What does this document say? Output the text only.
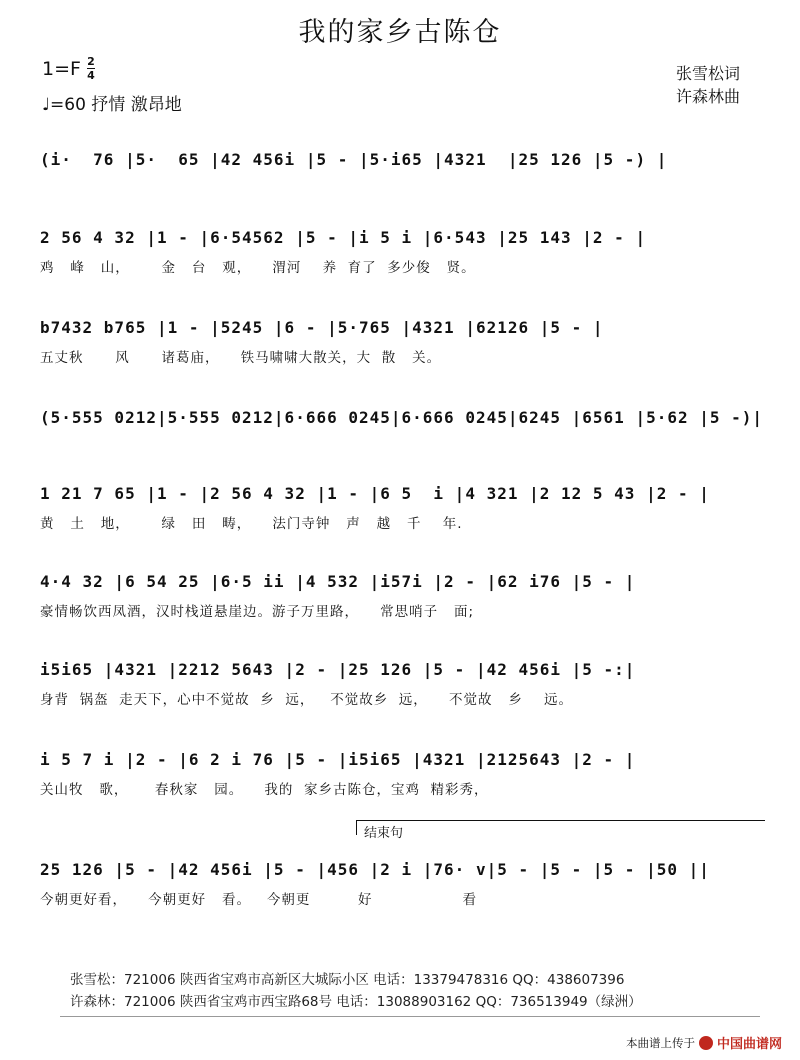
我的家乡古陈仓
$1=F \frac{2}{4}$
♩=60 抒情 激昂地
张雪松词
许森林曲
(i·  76 |5·  65 |42 456i |5 - |5·i65 |4321  |25 126 |5 -) |
2 56 4 32 |1 - |6·54562 |5 - |i 5 i |6·543 |25 143 |2 - |
鸡   峰   山，      金   台   观，    渭河    养  育了  多少俊   贤。
b7432 b765 |1 - |5245 |6 - |5·765 |4321 |62126 |5 - |
五丈秋      风      诸葛庙，    铁马啸啸大散关，大  散   关。
(5·555 0212|5·555 0212|6·666 0245|6·666 0245|6245 |6561 |5·62 |5 -)|
1 21 7 65 |1 - |2 56 4 32 |1 - |6 5  i |4 321 |2 12 5 43 |2 - |
黄   土   地，      绿   田   畴，    法门寺钟   声   越   千    年.
4·4 32 |6 54 25 |6·5 ii |4 532 |i57i |2 - |62 i76 |5 - |
豪情畅饮西凤酒，汉时栈道悬崖边。游子万里路，    常思哨子   面;
i5i65 |4321 |2212 5643 |2 - |25 126 |5 - |42 456i |5 -:|
身背  锅盔  走天下，心中不觉故  乡  远，   不觉故乡  远，    不觉故   乡    远。
i 5 7 i |2 - |6 2 i 76 |5 - |i5i65 |4321 |2125643 |2 - |
关山牧   歌，     春秋家   园。    我的  家乡古陈仓，宝鸡  精彩秀，
结束句
25 126 |5 - |42 456i |5 - |456 |2 i |76· v|5 - |5 - |5 - |50 ||
今朝更好看，    今朝更好   看。   今朝更         好                 看
张雪松：721006 陕西省宝鸡市高新区大城际小区 电话：13379478316 QQ：438607396
许森林：721006 陕西省宝鸡市西宝路68号 电话：13088903162 QQ：736513949（绿洲）
本曲谱上传于 中国曲谱网
